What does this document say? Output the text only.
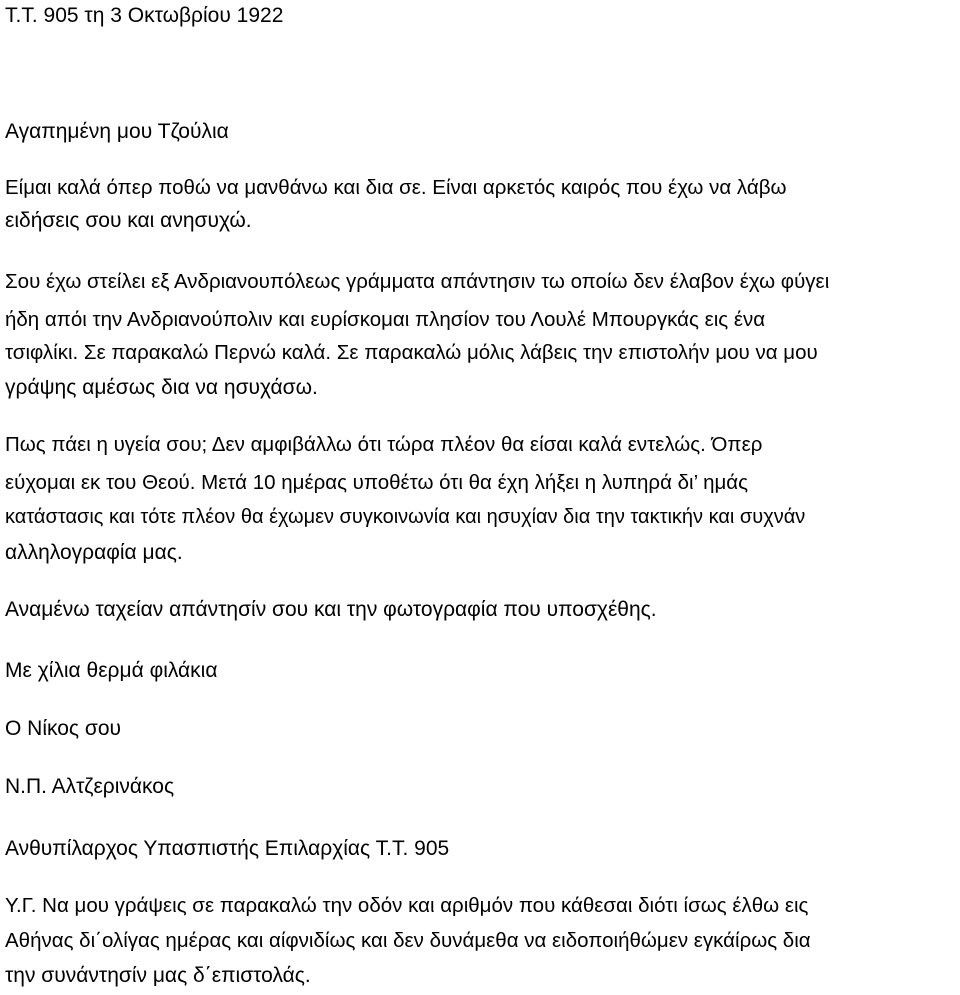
Τ.Τ. 905 τη 3 Οκτωβρίου 1922
Αγαπημένη μου Τζούλια
Είμαι καλά όπερ ποθώ να μανθάνω και δια σε. Είναι αρκετός καιρός που έχω να λάβω
ειδήσεις σου και ανησυχώ.
Σου έχω στείλει εξ Ανδριανουπόλεως γράμματα απάντησιν τω οποίω δεν έλαβον έχω φύγει
ήδη απόι την Ανδριανούπολιν και ευρίσκομαι πλησίον του Λουλέ Μπουργκάς εις ένα
τσιφλίκι. Σε παρακαλώ Περνώ καλά. Σε παρακαλώ μόλις λάβεις την επιστολήν μου να μου
γράψης αμέσως δια να ησυχάσω.
Πως πάει η υγεία σου; Δεν αμφιβάλλω ότι τώρα πλέον θα είσαι καλά εντελώς. Όπερ
εύχομαι εκ του Θεού. Μετά 10 ημέρας υποθέτω ότι θα έχη λήξει η λυπηρά δι’ ημάς
κατάστασις και τότε πλέον θα έχωμεν συγκοινωνία και ησυχίαν δια την τακτικήν και συχνάν
αλληλογραφία μας.
Αναμένω ταχείαν απάντησίν σου και την φωτογραφία που υποσχέθης.
Με χίλια θερμά φιλάκια
Ο Νίκος σου
Ν.Π. Αλτζερινάκος
Ανθυπίλαρχος Υπασπιστής Επιλαρχίας Τ.Τ. 905
Υ.Γ. Να μου γράψεις σε παρακαλώ την οδόν και αριθμόν που κάθεσαι διότι ίσως έλθω εις
Αθήνας δι΄ολίγας ημέρας και αίφνιδίως και δεν δυνάμεθα να ειδοποιήθώμεν εγκάίρως δια
την συνάντησίν μας δ΄επιστολάς.
